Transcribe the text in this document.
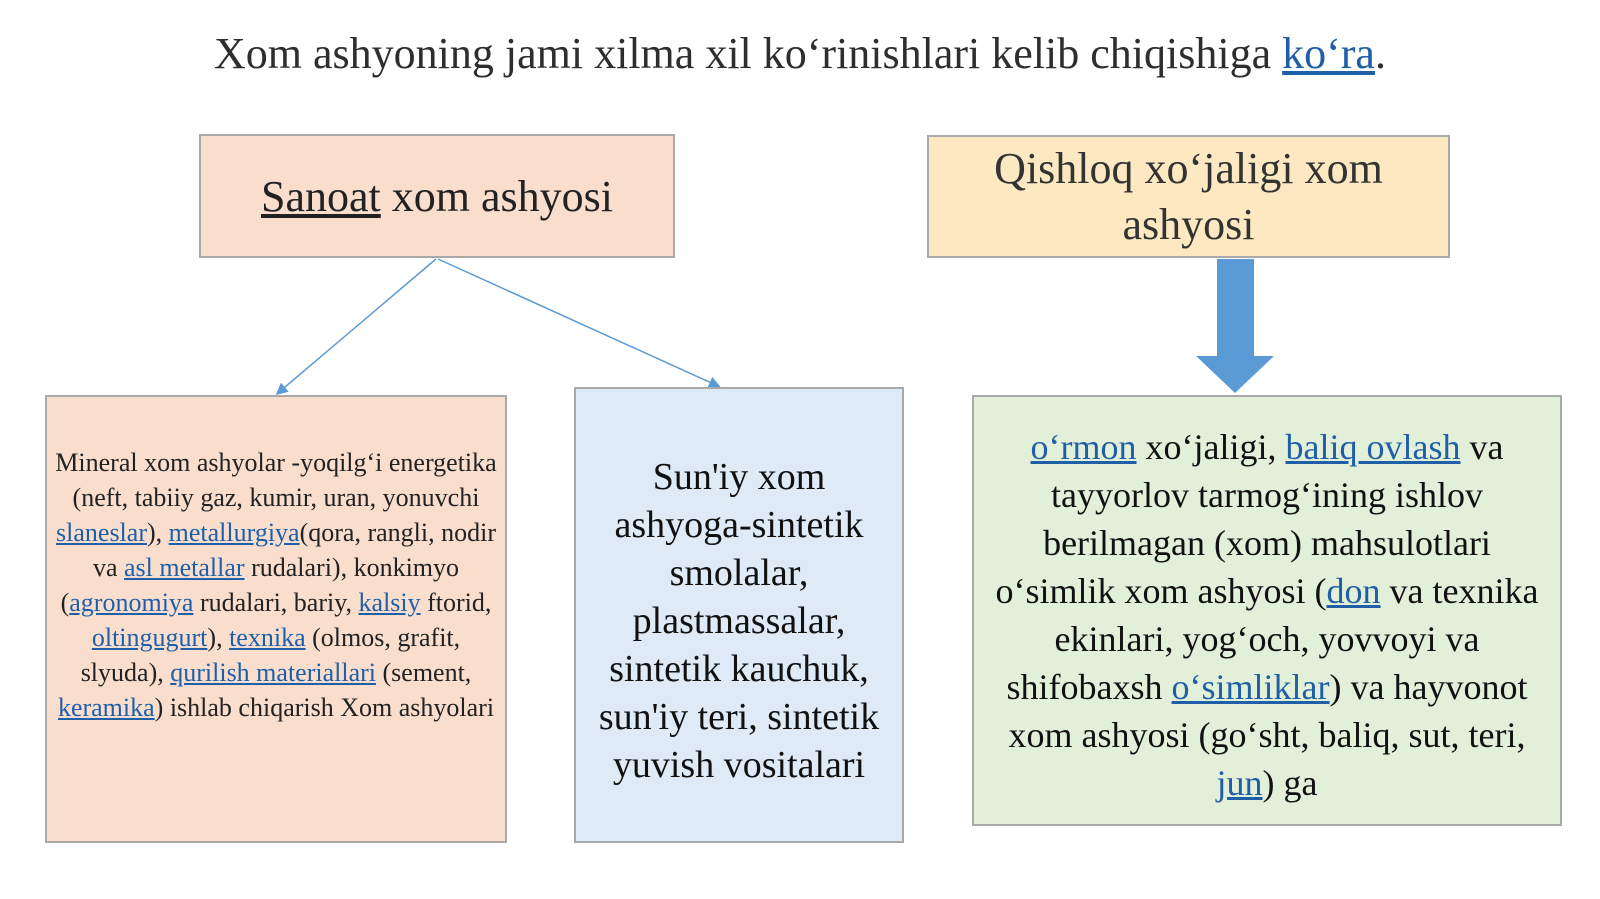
Xom ashyoning jami xilma xil ko‘rinishlari kelib chiqishiga ko‘ra.
Sanoat xom ashyosi
Qishloq xo‘jaligi xom
ashyosi
Mineral xom ashyolar -yoqilg‘i energetika (neft, tabiiy gaz, kumir, uran, yonuvchi slaneslar), metallurgiya(qora, rangli, nodir va asl metallar rudalari), konkimyo (agronomiya rudalari, bariy, kalsiy ftorid, oltingugurt), texnika (olmos, grafit, slyuda), qurilish materiallari (sement, keramika) ishlab chiqarish Xom ashyolari
Sun'iy xom
ashyoga-sintetik
smolalar,
plastmassalar,
sintetik kauchuk,
sun'iy teri, sintetik
yuvish vositalari
o‘rmon xo‘jaligi, baliq ovlash va tayyorlov tarmog‘ining ishlov berilmagan (xom) mahsulotlari o‘simlik xom ashyosi (don va texnika ekinlari, yog‘och, yovvoyi va shifobaxsh o‘simliklar) va hayvonot xom ashyosi (go‘sht, baliq, sut, teri, jun) ga
